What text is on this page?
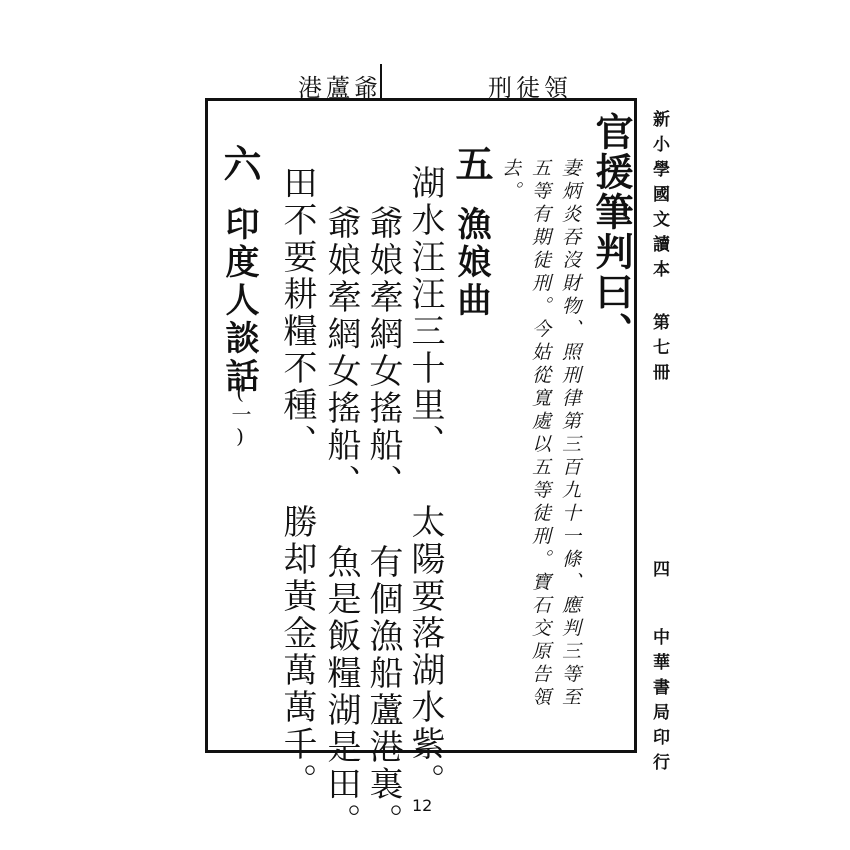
刑徒領
港蘆爺
新小學國文讀本 第七冊
四
中華書局印行
官援筆判曰、
妻炳炎吞沒財物、照刑律第三百九十一條、應判三等至
五等有期徒刑。今姑從寬處以五等徒刑。寶石交原告領
去。
五
漁娘曲
湖水汪汪三十里、 太陽要落湖水紫。
爺娘牽網女搖船、 有個漁船蘆港裏。
爺娘牽網女搖船、 魚是飯糧湖是田。
田不要耕糧不種、 勝却黃金萬萬千。
六
印度人談話
(一)
12
